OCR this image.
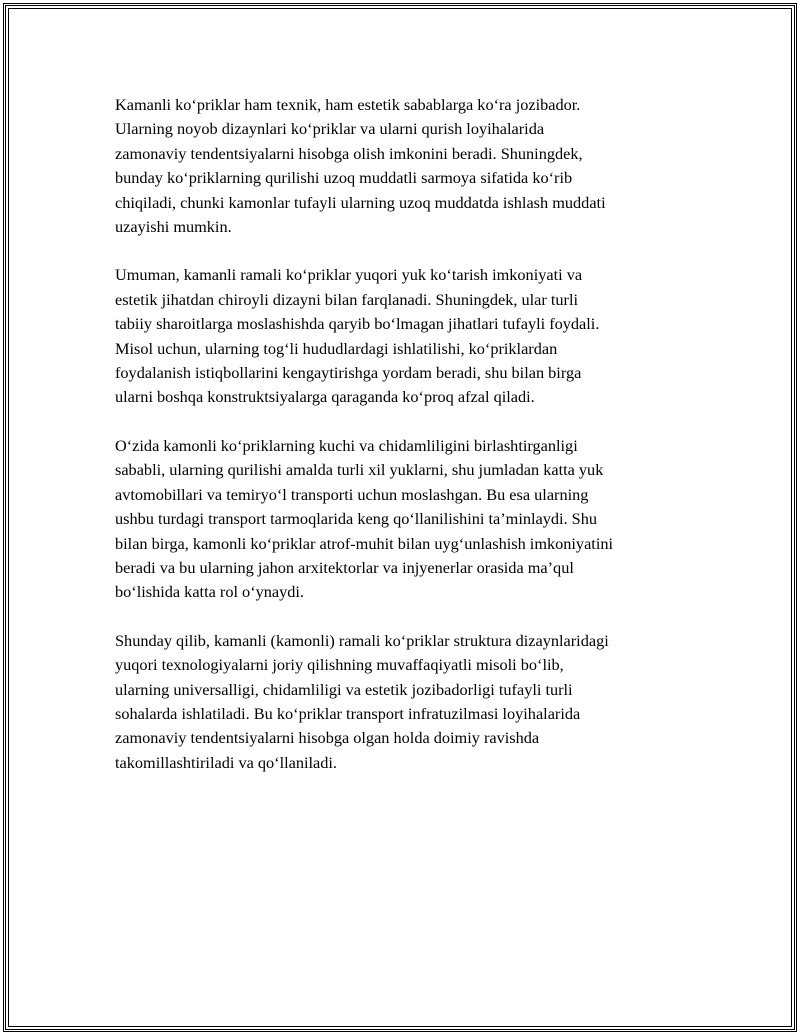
Kamanli ko‘priklar ham texnik, ham estetik sabablarga ko‘ra jozibador.
Ularning noyob dizaynlari ko‘priklar va ularni qurish loyihalarida
zamonaviy tendentsiyalarni hisobga olish imkonini beradi. Shuningdek,
bunday ko‘priklarning qurilishi uzoq muddatli sarmoya sifatida ko‘rib
chiqiladi, chunki kamonlar tufayli ularning uzoq muddatda ishlash muddati
uzayishi mumkin.

Umuman, kamanli ramali ko‘priklar yuqori yuk ko‘tarish imkoniyati va
estetik jihatdan chiroyli dizayni bilan farqlanadi. Shuningdek, ular turli
tabiiy sharoitlarga moslashishda qaryib bo‘lmagan jihatlari tufayli foydali.
Misol uchun, ularning tog‘li hududlardagi ishlatilishi, ko‘priklardan
foydalanish istiqbollarini kengaytirishga yordam beradi, shu bilan birga
ularni boshqa konstruktsiyalarga qaraganda ko‘proq afzal qiladi.

O‘zida kamonli ko‘priklarning kuchi va chidamliligini birlashtirganligi
sababli, ularning qurilishi amalda turli xil yuklarni, shu jumladan katta yuk
avtomobillari va temiryo‘l transporti uchun moslashgan. Bu esa ularning
ushbu turdagi transport tarmoqlarida keng qo‘llanilishini ta’minlaydi. Shu
bilan birga, kamonli ko‘priklar atrof-muhit bilan uyg‘unlashish imkoniyatini
beradi va bu ularning jahon arxitektorlar va injyenerlar orasida ma’qul
bo‘lishida katta rol o‘ynaydi.

Shunday qilib, kamanli (kamonli) ramali ko‘priklar struktura dizaynlaridagi
yuqori texnologiyalarni joriy qilishning muvaffaqiyatli misoli bo‘lib,
ularning universalligi, chidamliligi va estetik jozibadorligi tufayli turli
sohalarda ishlatiladi. Bu ko‘priklar transport infratuzilmasi loyihalarida
zamonaviy tendentsiyalarni hisobga olgan holda doimiy ravishda
takomillashtiriladi va qo‘llaniladi.
